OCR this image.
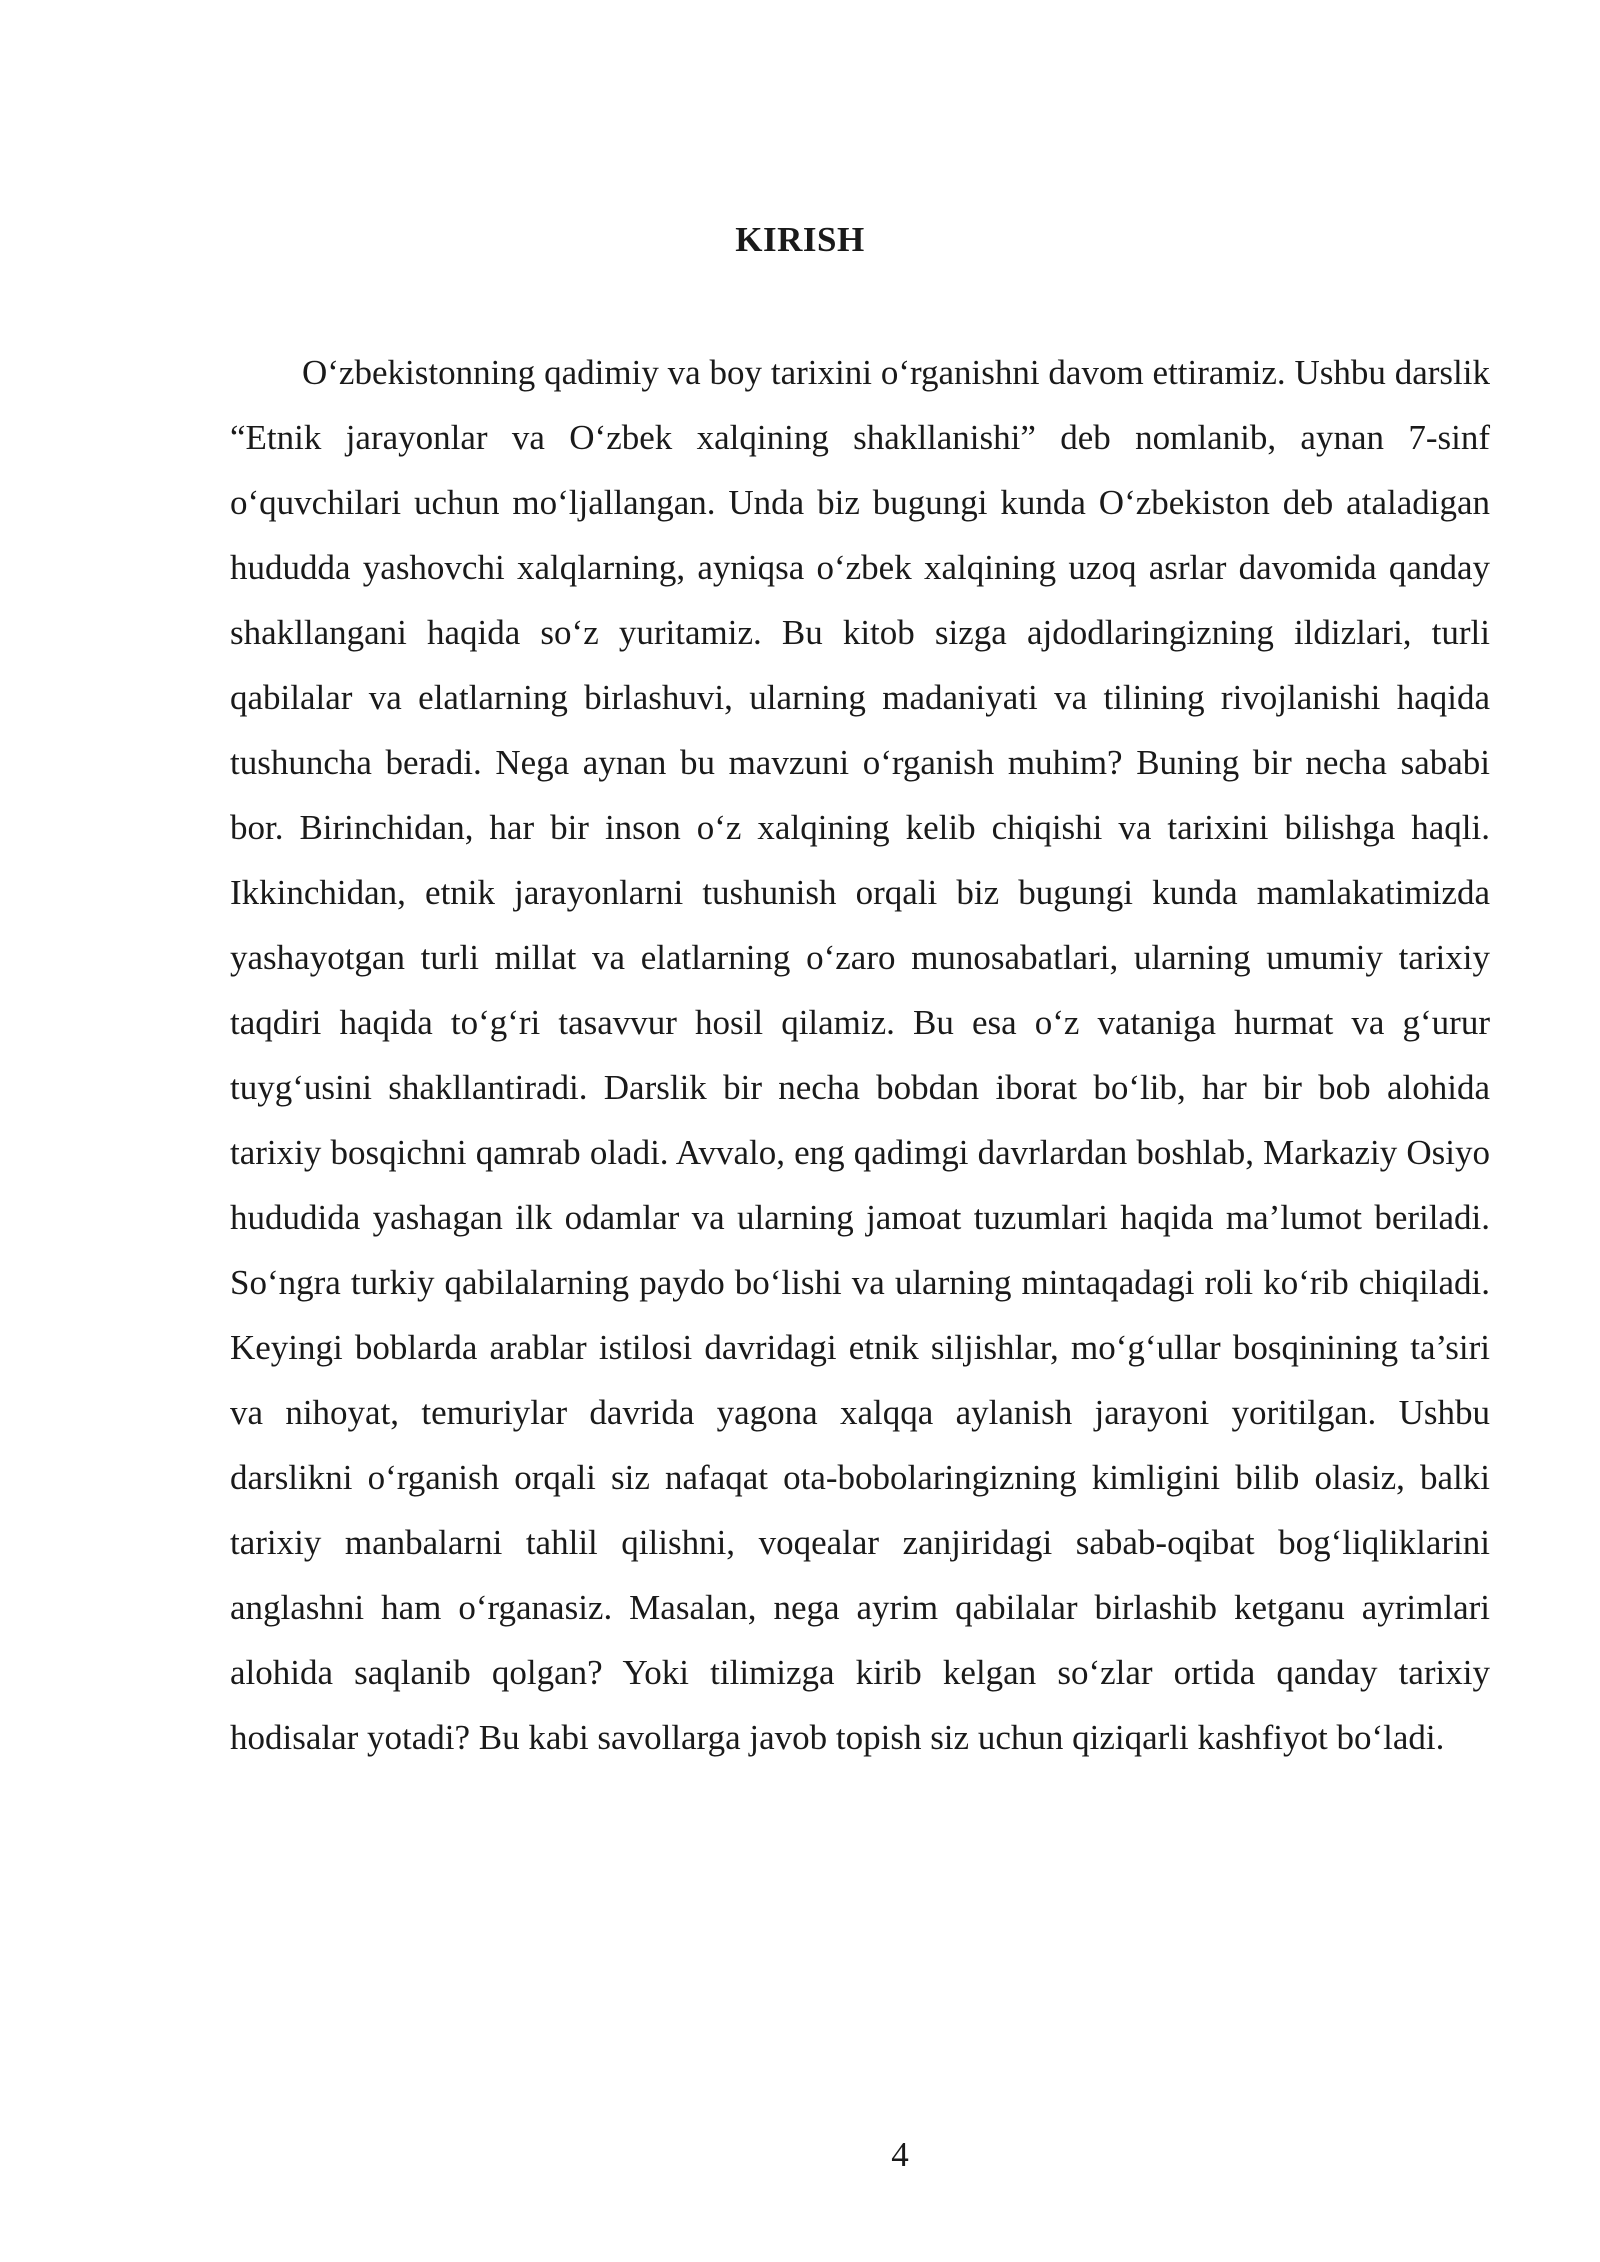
KIRISH

O‘zbekistonning qadimiy va boy tarixini o‘rganishni davom ettiramiz. Ushbu darslik “Etnik jarayonlar va O‘zbek xalqining shakllanishi” deb nomlanib, aynan 7-sinf o‘quvchilari uchun mo‘ljallangan. Unda biz bugungi kunda O‘zbekiston deb ataladigan hududda yashovchi xalqlarning, ayniqsa o‘zbek xalqining uzoq asrlar davomida qanday shakllangani haqida so‘z yuritamiz. Bu kitob sizga ajdodlaringizning ildizlari, turli qabilalar va elatlarning birlashuvi, ularning madaniyati va tilining rivojlanishi haqida tushuncha beradi. Nega aynan bu mavzuni o‘rganish muhim? Buning bir necha sababi bor. Birinchidan, har bir inson o‘z xalqining kelib chiqishi va tarixini bilishga haqli. Ikkinchidan, etnik jarayonlarni tushunish orqali biz bugungi kunda mamlakatimizda yashayotgan turli millat va elatlarning o‘zaro munosabatlari, ularning umumiy tarixiy taqdiri haqida to‘g‘ri tasavvur hosil qilamiz. Bu esa o‘z vataniga hurmat va g‘urur tuyg‘usini shakllantiradi. Darslik bir necha bobdan iborat bo‘lib, har bir bob alohida tarixiy bosqichni qamrab oladi. Avvalo, eng qadimgi davrlardan boshlab, Markaziy Osiyo hududida yashagan ilk odamlar va ularning jamoat tuzumlari haqida ma’lumot beriladi. So‘ngra turkiy qabilalarning paydo bo‘lishi va ularning mintaqadagi roli ko‘rib chiqiladi. Keyingi boblarda arablar istilosi davridagi etnik siljishlar, mo‘g‘ullar bosqinining ta’siri va nihoyat, temuriylar davrida yagona xalqqa aylanish jarayoni yoritilgan. Ushbu darslikni o‘rganish orqali siz nafaqat ota-bobolaringizning kimligini bilib olasiz, balki tarixiy manbalarni tahlil qilishni, voqealar zanjiridagi sabab-oqibat bog‘liqliklarini anglashni ham o‘rganasiz. Masalan, nega ayrim qabilalar birlashib ketganu ayrimlari alohida saqlanib qolgan? Yoki tilimizga kirib kelgan so‘zlar ortida qanday tarixiy hodisalar yotadi? Bu kabi savollarga javob topish siz uchun qiziqarli kashfiyot bo‘ladi.

4
